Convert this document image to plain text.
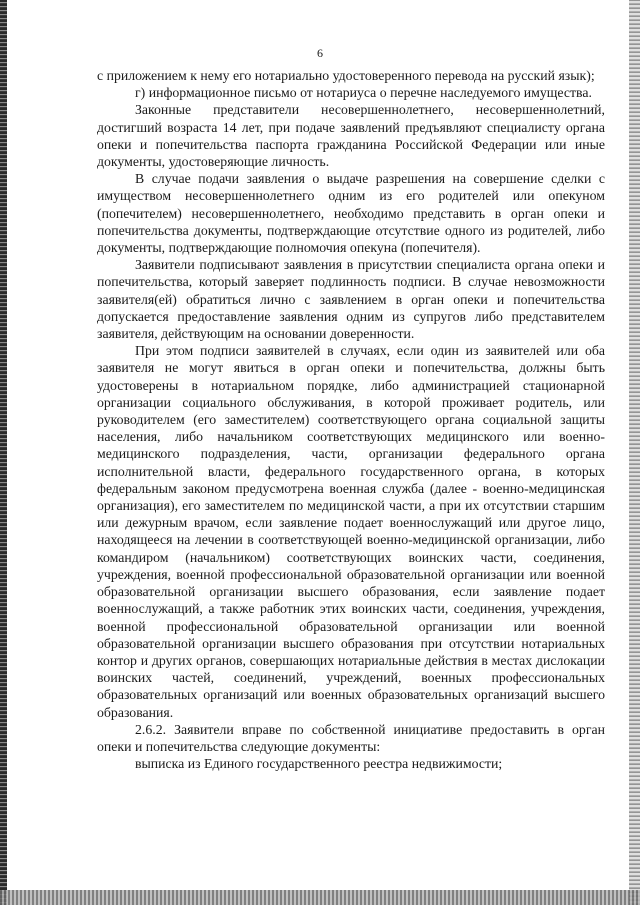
6

с приложением к нему его нотариально удостоверенного перевода на русский язык);

г) информационное письмо от нотариуса о перечне наследуемого имущества.

Законные представители несовершеннолетнего, несовершеннолетний, достигший возраста 14 лет, при подаче заявлений предъявляют специалисту органа опеки и попечительства паспорта гражданина Российской Федерации или иные документы, удостоверяющие личность.

В случае подачи заявления о выдаче разрешения на совершение сделки с имуществом несовершеннолетнего одним из его родителей или опекуном (попечителем) несовершеннолетнего, необходимо представить в орган опеки и попечительства документы, подтверждающие отсутствие одного из родителей, либо документы, подтверждающие полномочия опекуна (попечителя).

Заявители подписывают заявления в присутствии специалиста органа опеки и попечительства, который заверяет подлинность подписи. В случае невозможности заявителя(ей) обратиться лично с заявлением в орган опеки и попечительства допускается предоставление заявления одним из супругов либо представителем заявителя, действующим на основании доверенности.

При этом подписи заявителей в случаях, если один из заявителей или оба заявителя не могут явиться в орган опеки и попечительства, должны быть удостоверены в нотариальном порядке, либо администрацией стационарной организации социального обслуживания, в которой проживает родитель, или руководителем (его заместителем) соответствующего органа социальной защиты населения, либо начальником соответствующих медицинского или военно-медицинского подразделения, части, организации федерального органа исполнительной власти, федерального государственного органа, в которых федеральным законом предусмотрена военная служба (далее - военно-медицинская организация), его заместителем по медицинской части, а при их отсутствии старшим или дежурным врачом, если заявление подает военнослужащий или другое лицо, находящееся на лечении в соответствующей военно-медицинской организации, либо командиром (начальником) соответствующих воинских части, соединения, учреждения, военной профессиональной образовательной организации или военной образовательной организации высшего образования, если заявление подает военнослужащий, а также работник этих воинских части, соединения, учреждения, военной профессиональной образовательной организации или военной образовательной организации высшего образования при отсутствии нотариальных контор и других органов, совершающих нотариальные действия в местах дислокации воинских частей, соединений, учреждений, военных профессиональных образовательных организаций или военных образовательных организаций высшего образования.

2.6.2. Заявители вправе по собственной инициативе предоставить в орган опеки и попечительства следующие документы:

выписка из Единого государственного реестра недвижимости;
